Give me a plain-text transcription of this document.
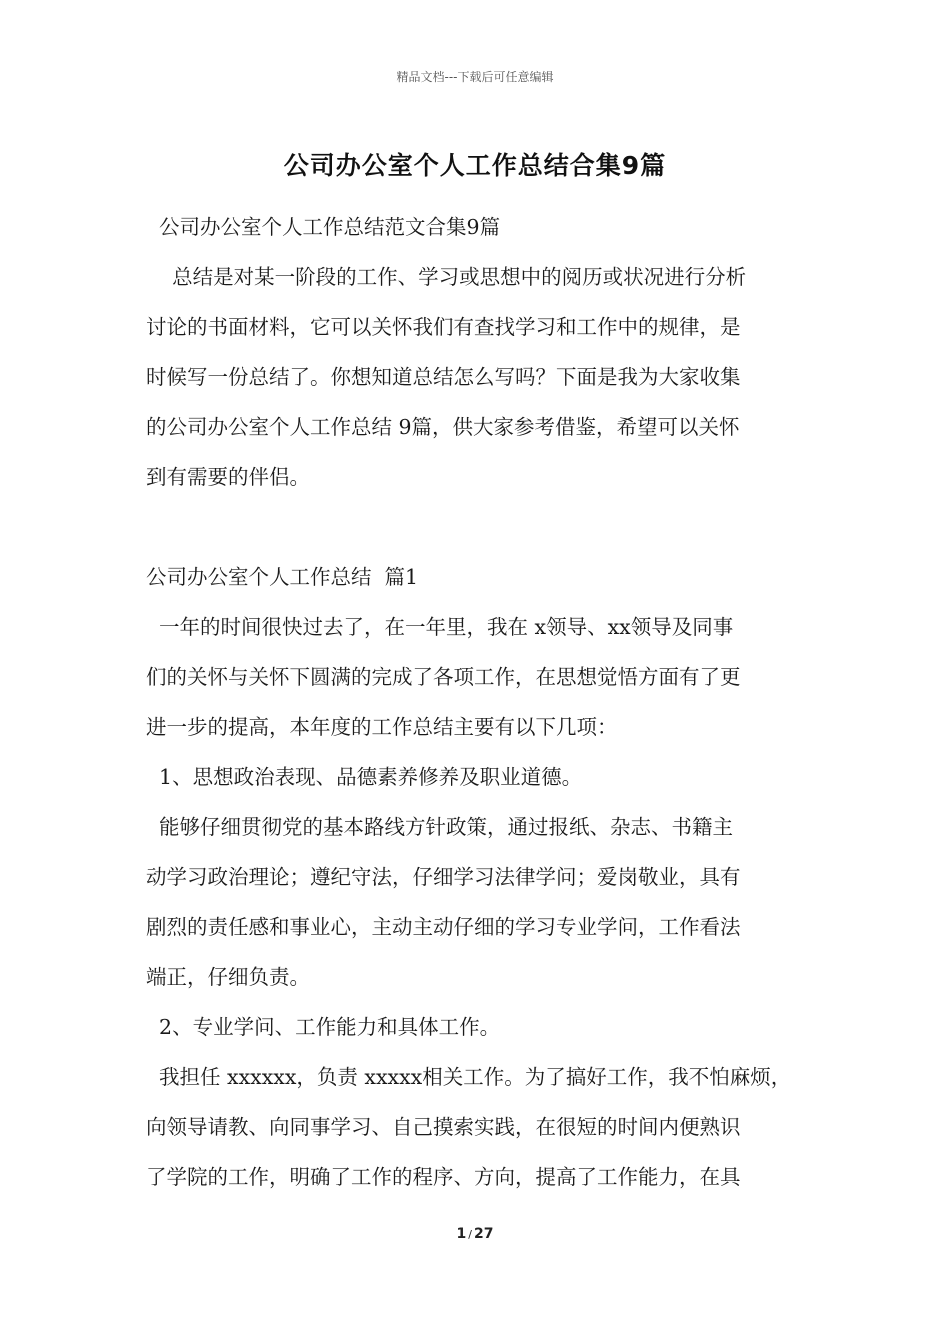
精品文档---下载后可任意编辑
公司办公室个人工作总结合集9篇

公司办公室个人工作总结范文合集9篇

总结是对某一阶段的工作、学习或思想中的阅历或状况进行分析

讨论的书面材料，它可以关怀我们有查找学习和工作中的规律，是

时候写一份总结了。你想知道总结怎么写吗？下面是我为大家收集

的公司办公室个人工作总结 9篇，供大家参考借鉴，希望可以关怀

到有需要的伴侣。

公司办公室个人工作总结  篇1

一年的时间很快过去了，在一年里，我在 x领导、xx领导及同事

们的关怀与关怀下圆满的完成了各项工作，在思想觉悟方面有了更

进一步的提高，本年度的工作总结主要有以下几项：

1、思想政治表现、品德素养修养及职业道德。

能够仔细贯彻党的基本路线方针政策，通过报纸、杂志、书籍主

动学习政治理论；遵纪守法，仔细学习法律学问；爱岗敬业，具有

剧烈的责任感和事业心，主动主动仔细的学习专业学问，工作看法

端正，仔细负责。

2、专业学问、工作能力和具体工作。

我担任 xxxxxx，负责 xxxxx相关工作。为了搞好工作，我不怕麻烦，

向领导请教、向同事学习、自己摸索实践，在很短的时间内便熟识

了学院的工作，明确了工作的程序、方向，提高了工作能力，在具

1 / 27
